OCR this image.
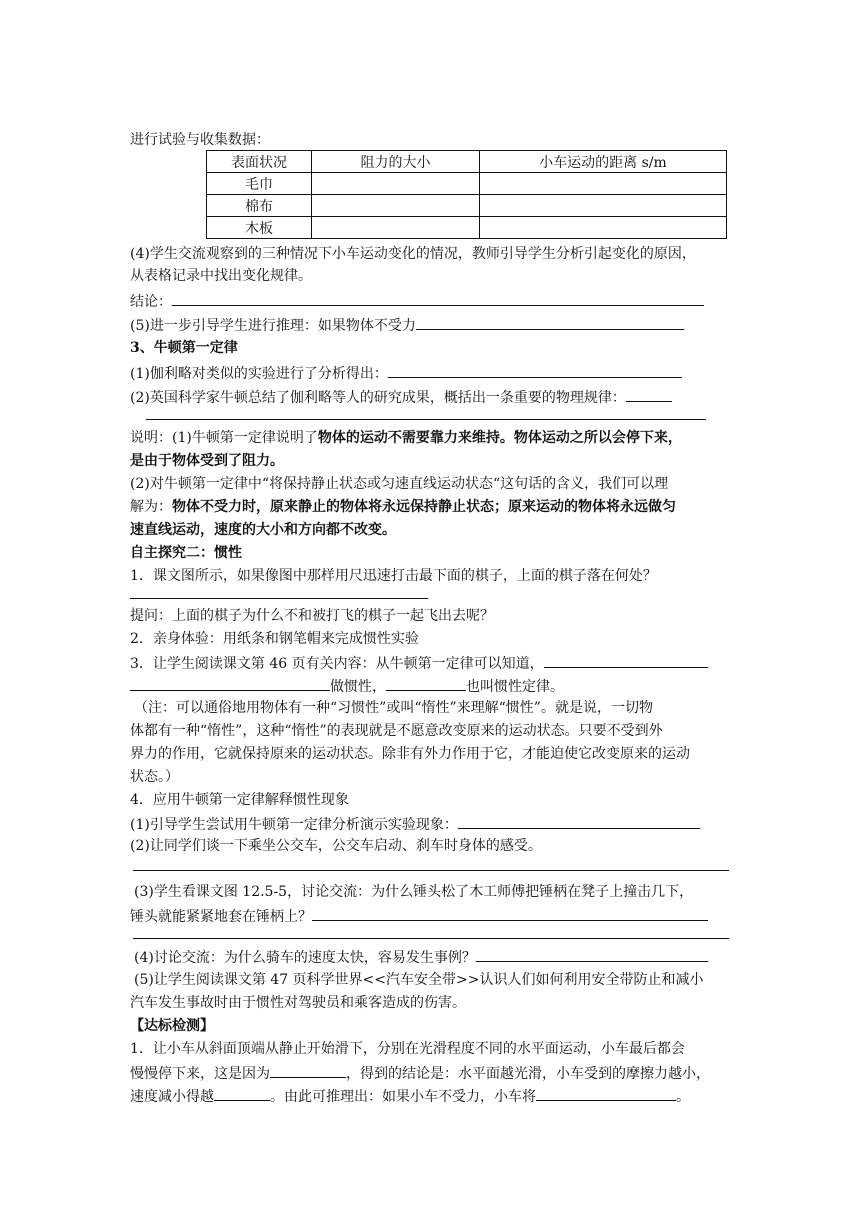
进行试验与收集数据：
表面状况	阻力的大小	小车运动的距离 s/m
毛巾		
棉布		
木板		
(4)学生交流观察到的三种情况下小车运动变化的情况，教师引导学生分析引起变化的原因，
从表格记录中找出变化规律。
结论：
(5)进一步引导学生进行推理：如果物体不受力
3、牛顿第一定律
(1)伽利略对类似的实验进行了分析得出：
(2)英国科学家牛顿总结了伽利略等人的研究成果，概括出一条重要的物理规律：
说明：(1)牛顿第一定律说明了物体的运动不需要靠力来维持。物体运动之所以会停下来，
是由于物体受到了阻力。
(2)对牛顿第一定律中“将保持静止状态或匀速直线运动状态“这句话的含义，我们可以理
解为：物体不受力时，原来静止的物体将永远保持静止状态；原来运动的物体将永远做匀
速直线运动，速度的大小和方向都不改变。
自主探究二：惯性
1．课文图所示，如果像图中那样用尺迅速打击最下面的棋子，上面的棋子落在何处？
提问：上面的棋子为什么不和被打飞的棋子一起飞出去呢？
2．亲身体验：用纸条和钢笔帽来完成惯性实验
3．让学生阅读课文第 46 页有关内容：从牛顿第一定律可以知道，
做惯性，	也叫惯性定律。
（注：可以通俗地用物体有一种“习惯性”或叫“惰性”来理解“惯性”。就是说，一切物
体都有一种“惰性”，这种“惰性”的表现就是不愿意改变原来的运动状态。只要不受到外
界力的作用，它就保持原来的运动状态。除非有外力作用于它，才能迫使它改变原来的运动
状态。）
4．应用牛顿第一定律解释惯性现象
(1)引导学生尝试用牛顿第一定律分析演示实验现象：
(2)让同学们谈一下乘坐公交车，公交车启动、刹车时身体的感受。
(3)学生看课文图 12.5-5，讨论交流：为什么锤头松了木工师傅把锤柄在凳子上撞击几下，
锤头就能紧紧地套在锤柄上？
(4)讨论交流：为什么骑车的速度太快，容易发生事例？
(5)让学生阅读课文第 47 页科学世界<<汽车安全带>>认识人们如何利用安全带防止和减小
汽车发生事故时由于惯性对驾驶员和乘客造成的伤害。
【达标检测】
1．让小车从斜面顶端从静止开始滑下，分别在光滑程度不同的水平面运动，小车最后都会
慢慢停下来，这是因为	，得到的结论是：水平面越光滑，小车受到的摩擦力越小，
速度减小得越	。由此可推理出：如果小车不受力，小车将	。
